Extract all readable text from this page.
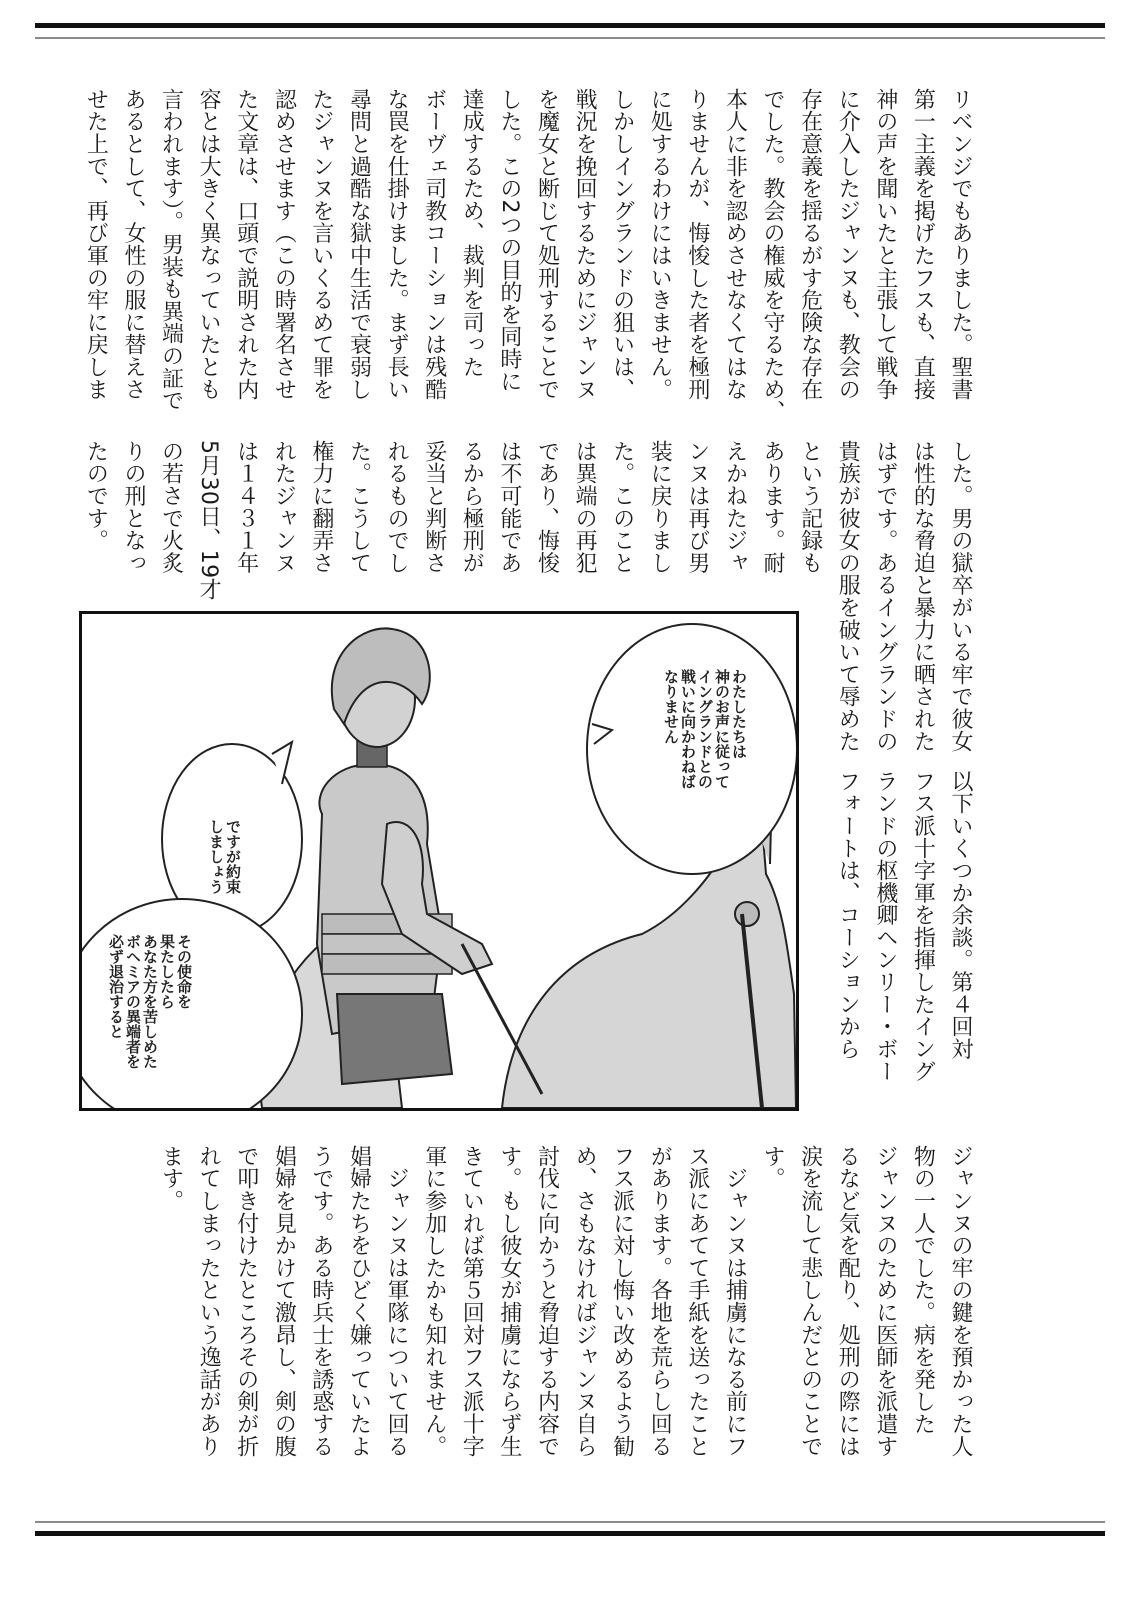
リベンジでもありました。聖書
第一主義を掲げたフスも、直接
神の声を聞いたと主張して戦争
に介入したジャンヌも、教会の
存在意義を揺るがす危険な存在
でした。教会の権威を守るため、
本人に非を認めさせなくてはな
りませんが、悔悛した者を極刑
に処するわけにはいきません。
しかしイングランドの狙いは、
戦況を挽回するためにジャンヌ
を魔女と断じて処刑することで
した。この2つの目的を同時に
達成するため、裁判を司った
ボーヴェ司教コーションは残酷
な罠を仕掛けました。まず長い
尋問と過酷な獄中生活で衰弱し
たジャンヌを言いくるめて罪を
認めさせます（この時署名させ
た文章は、口頭で説明された内
容とは大きく異なっていたとも
言われます）。男装も異端の証で
あるとして、女性の服に替えさ
せた上で、再び軍の牢に戻しま
した。男の獄卒がいる牢で彼女
は性的な脅迫と暴力に晒された
はずです。あるイングランドの
貴族が彼女の服を破いて辱めた
という記録も
あります。耐
えかねたジャ
ンヌは再び男
装に戻りまし
た。このこと
は異端の再犯
であり、悔悛
は不可能であ
るから極刑が
妥当と判断さ
れるものでし
た。こうして
権力に翻弄さ
れたジャンヌ
は１４３１年
5月30日、19才
の若さで火炙
りの刑となっ
たのです。
以下いくつか余談。第４回対
フス派十字軍を指揮したイング
ランドの枢機卿ヘンリー・ボー
フォートは、コーションから
ジャンヌの牢の鍵を預かった人
物の一人でした。病を発した
ジャンヌのために医師を派遣す
るなど気を配り、処刑の際には
涙を流して悲しんだとのことで
す。
　ジャンヌは捕虜になる前にフ
ス派にあてて手紙を送ったこと
があります。各地を荒らし回る
フス派に対し悔い改めるよう勧
め、さもなければジャンヌ自ら
討伐に向かうと脅迫する内容で
す。もし彼女が捕虜にならず生
きていれば第５回対フス派十字
軍に参加したかも知れません。
　ジャンヌは軍隊について回る
娼婦たちをひどく嫌っていたよ
うです。ある時兵士を誘惑する
娼婦を見かけて激昂し、剣の腹
で叩き付けたところその剣が折
れてしまったという逸話があり
ます。
わたしたちは
神のお声に従って
イングランドとの
戦いに向かわねば
なりません
ですが約束
しましょう
その使命を
果たしたら
あなた方を苦しめた
ボヘミアの異端者を
必ず退治すると
